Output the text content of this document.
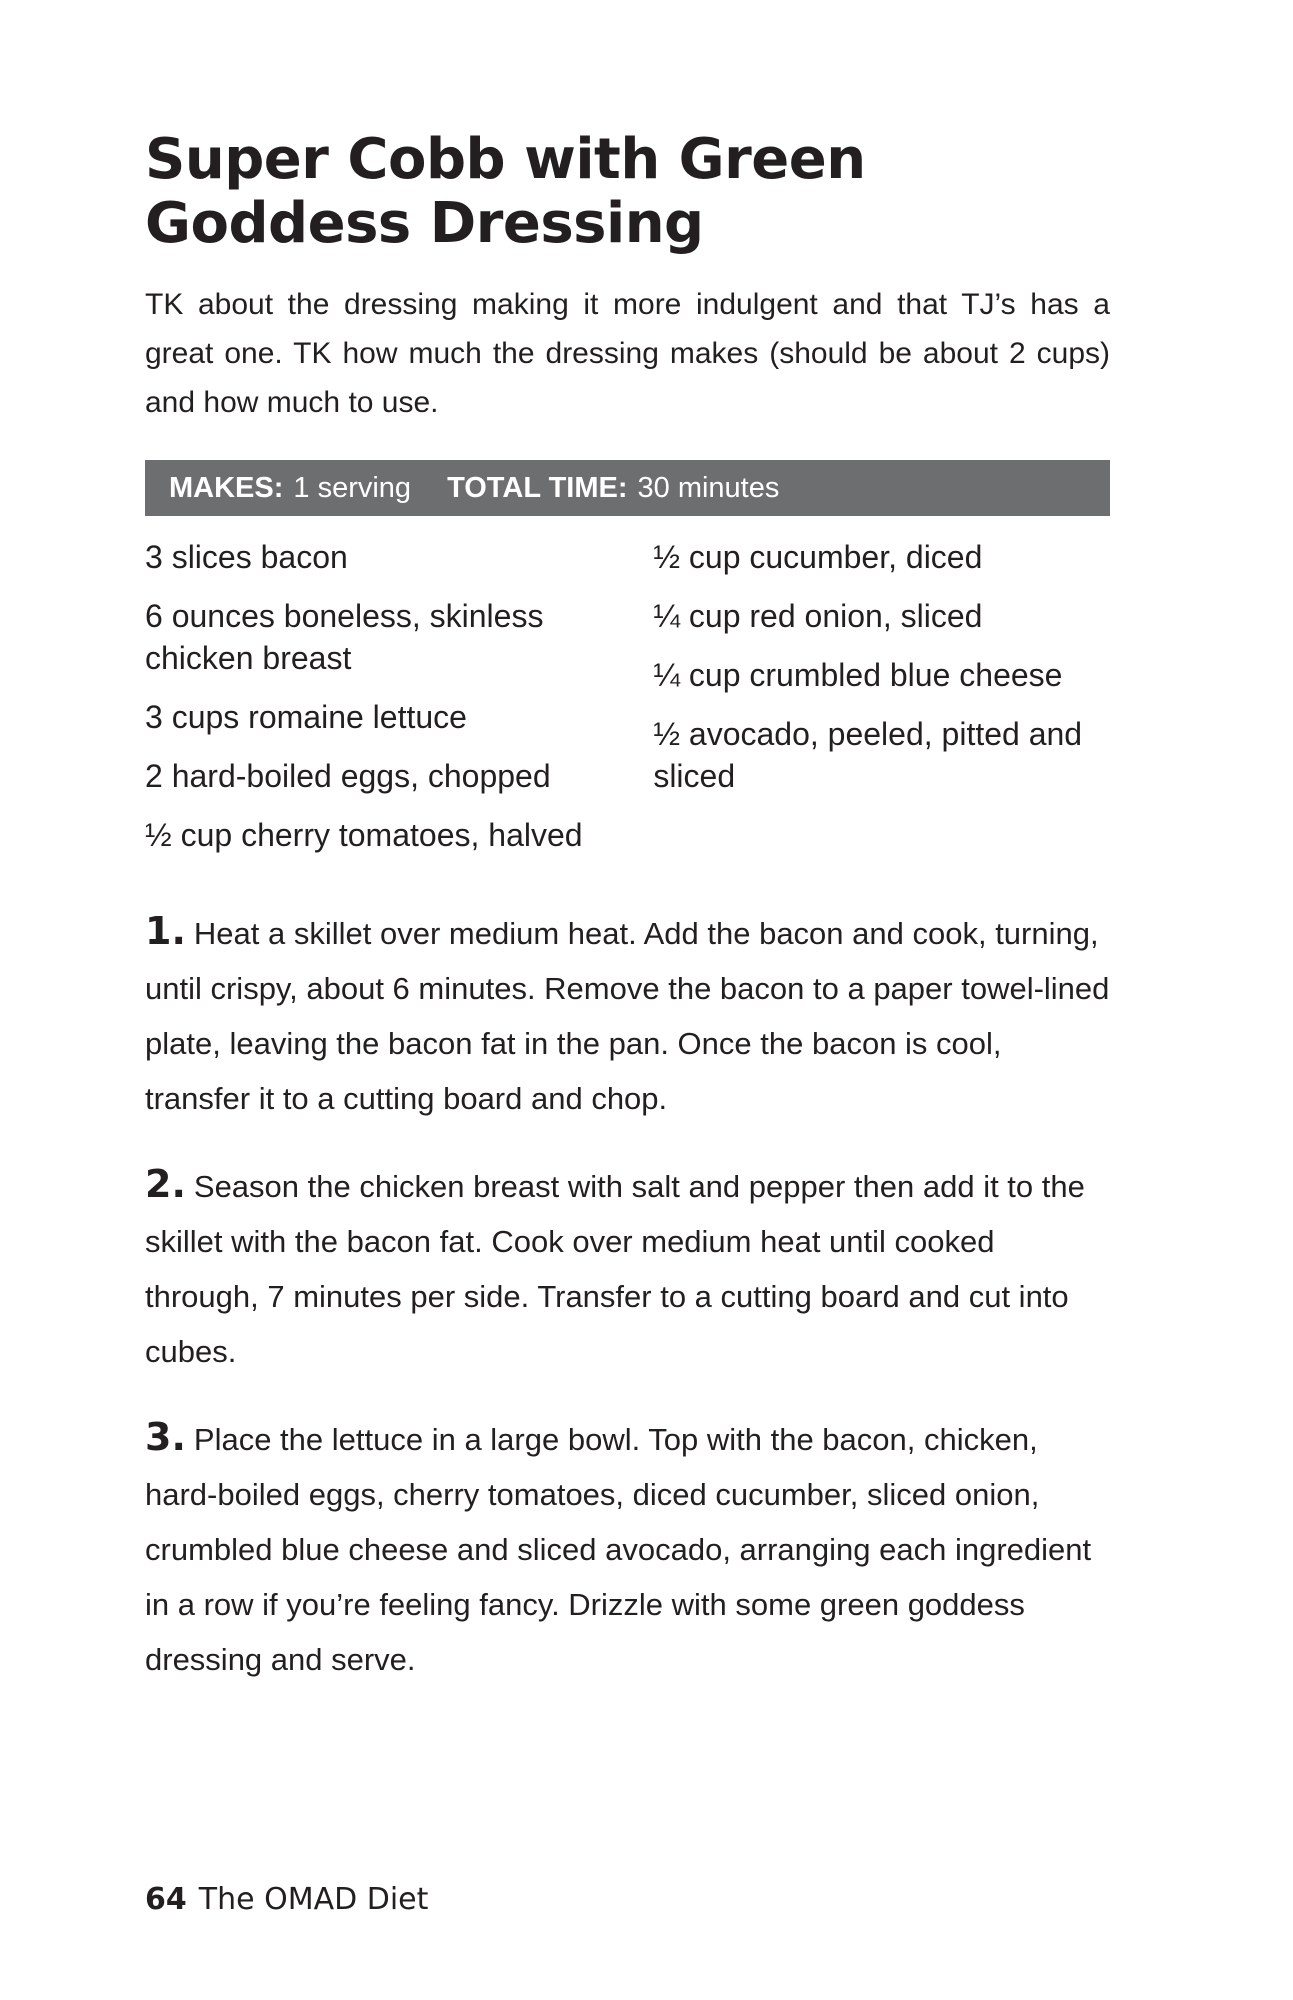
Super Cobb with Green Goddess Dressing

TK about the dressing making it more indulgent and that TJ’s has a great one. TK how much the dressing makes (should be about 2 cups) and how much to use.

MAKES: 1 serving TOTAL TIME: 30 minutes
3 slices bacon
6 ounces boneless, skinless chicken breast
3 cups romaine lettuce
2 hard-boiled eggs, chopped
½ cup cherry tomatoes, halved
½ cup cucumber, diced
¼ cup red onion, sliced
¼ cup crumbled blue cheese
½ avocado, peeled, pitted and sliced

1. Heat a skillet over medium heat. Add the bacon and cook, turning, until crispy, about 6 minutes. Remove the bacon to a paper towel-lined plate, leaving the bacon fat in the pan. Once the bacon is cool, transfer it to a cutting board and chop.

2. Season the chicken breast with salt and pepper then add it to the skillet with the bacon fat. Cook over medium heat until cooked through, 7 minutes per side. Transfer to a cutting board and cut into cubes.

3. Place the lettuce in a large bowl. Top with the bacon, chicken, hard-boiled eggs, cherry tomatoes, diced cucumber, sliced onion, crumbled blue cheese and sliced avocado, arranging each ingredient in a row if you’re feeling fancy. Drizzle with some green goddess dressing and serve.

64 The OMAD Diet
